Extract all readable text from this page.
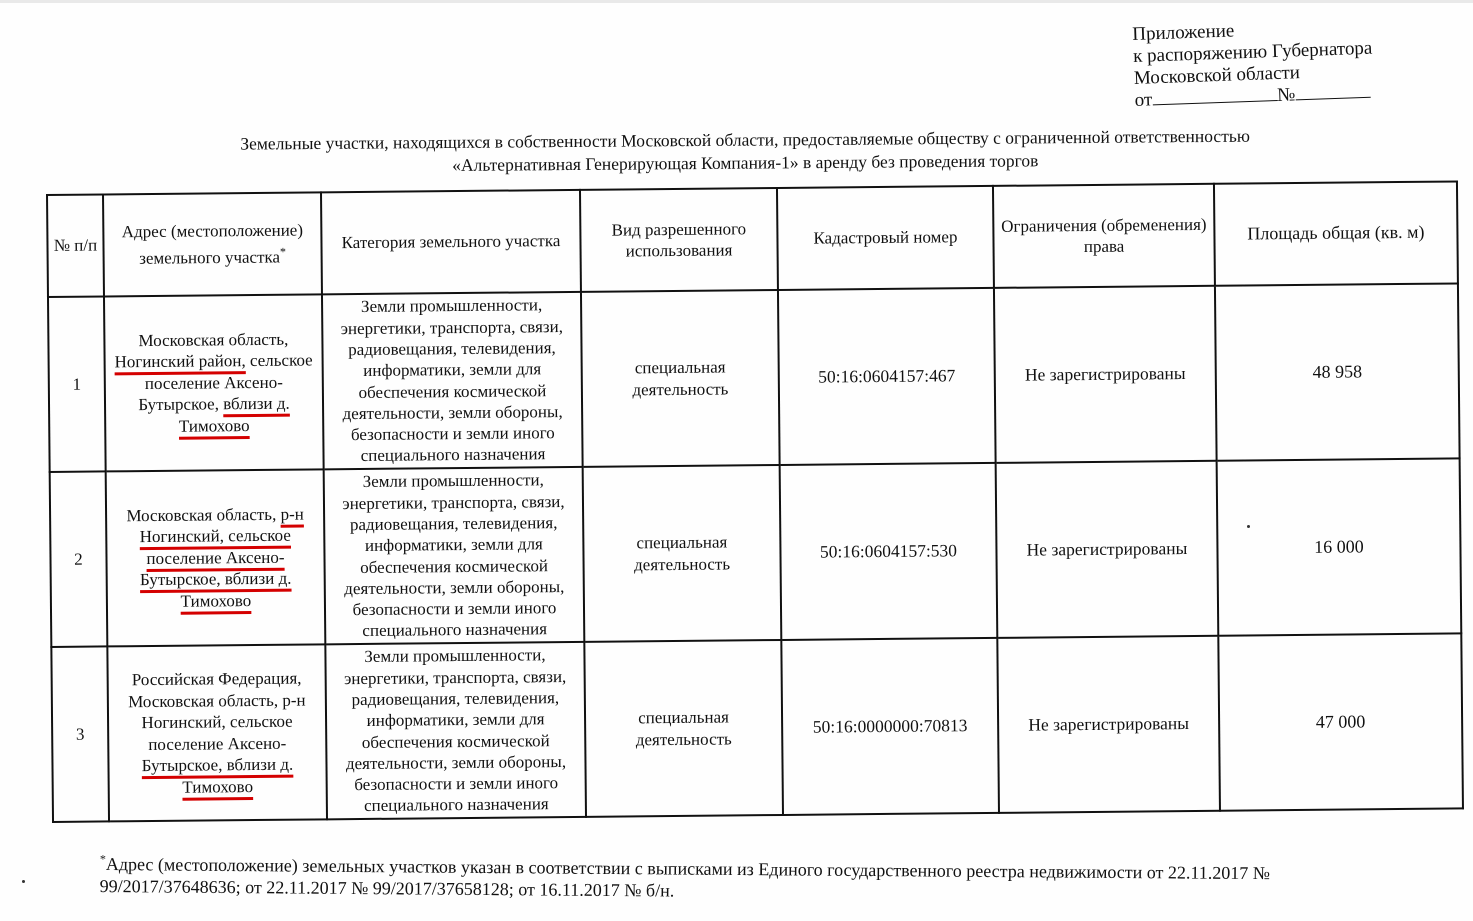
Приложение
к распоряжению Губернатора
Московской области
от	№
Земельные участки, находящихся в собственности Московской области, предоставляемые обществу с ограниченной ответственностью
«Альтернативная Генерирующая Компания-1» в аренду без проведения торгов
№ п/п	Адрес (местоположение) земельного участка*	Категория земельного участка	Вид разрешенного использования	Кадастровый номер	Ограничения (обременения) права	Площадь общая (кв. м)
1	Московская область, Ногинский район, сельское поселение Аксено-Бутырское, вблизи д. Тимохово	Земли промышленности, энергетики, транспорта, связи, радиовещания, телевидения, информатики, земли для обеспечения космической деятельности, земли обороны, безопасности и земли иного специального назначения	специальная деятельность	50:16:0604157:467	Не зарегистрированы	48 958
2	Московская область, р-н Ногинский, сельское поселение Аксено-Бутырское, вблизи д. Тимохово	Земли промышленности, энергетики, транспорта, связи, радиовещания, телевидения, информатики, земли для обеспечения космической деятельности, земли обороны, безопасности и земли иного специального назначения	специальная деятельность	50:16:0604157:530	Не зарегистрированы	16 000
3	Российская Федерация, Московская область, р-н Ногинский, сельское поселение Аксено-Бутырское, вблизи д. Тимохово	Земли промышленности, энергетики, транспорта, связи, радиовещания, телевидения, информатики, земли для обеспечения космической деятельности, земли обороны, безопасности и земли иного специального назначения	специальная деятельность	50:16:0000000:70813	Не зарегистрированы	47 000
*Адрес (местоположение) земельных участков указан в соответствии с выписками из Единого государственного реестра недвижимости от 22.11.2017 № 99/2017/37648636; от 22.11.2017 № 99/2017/37658128; от 16.11.2017 № б/н.
